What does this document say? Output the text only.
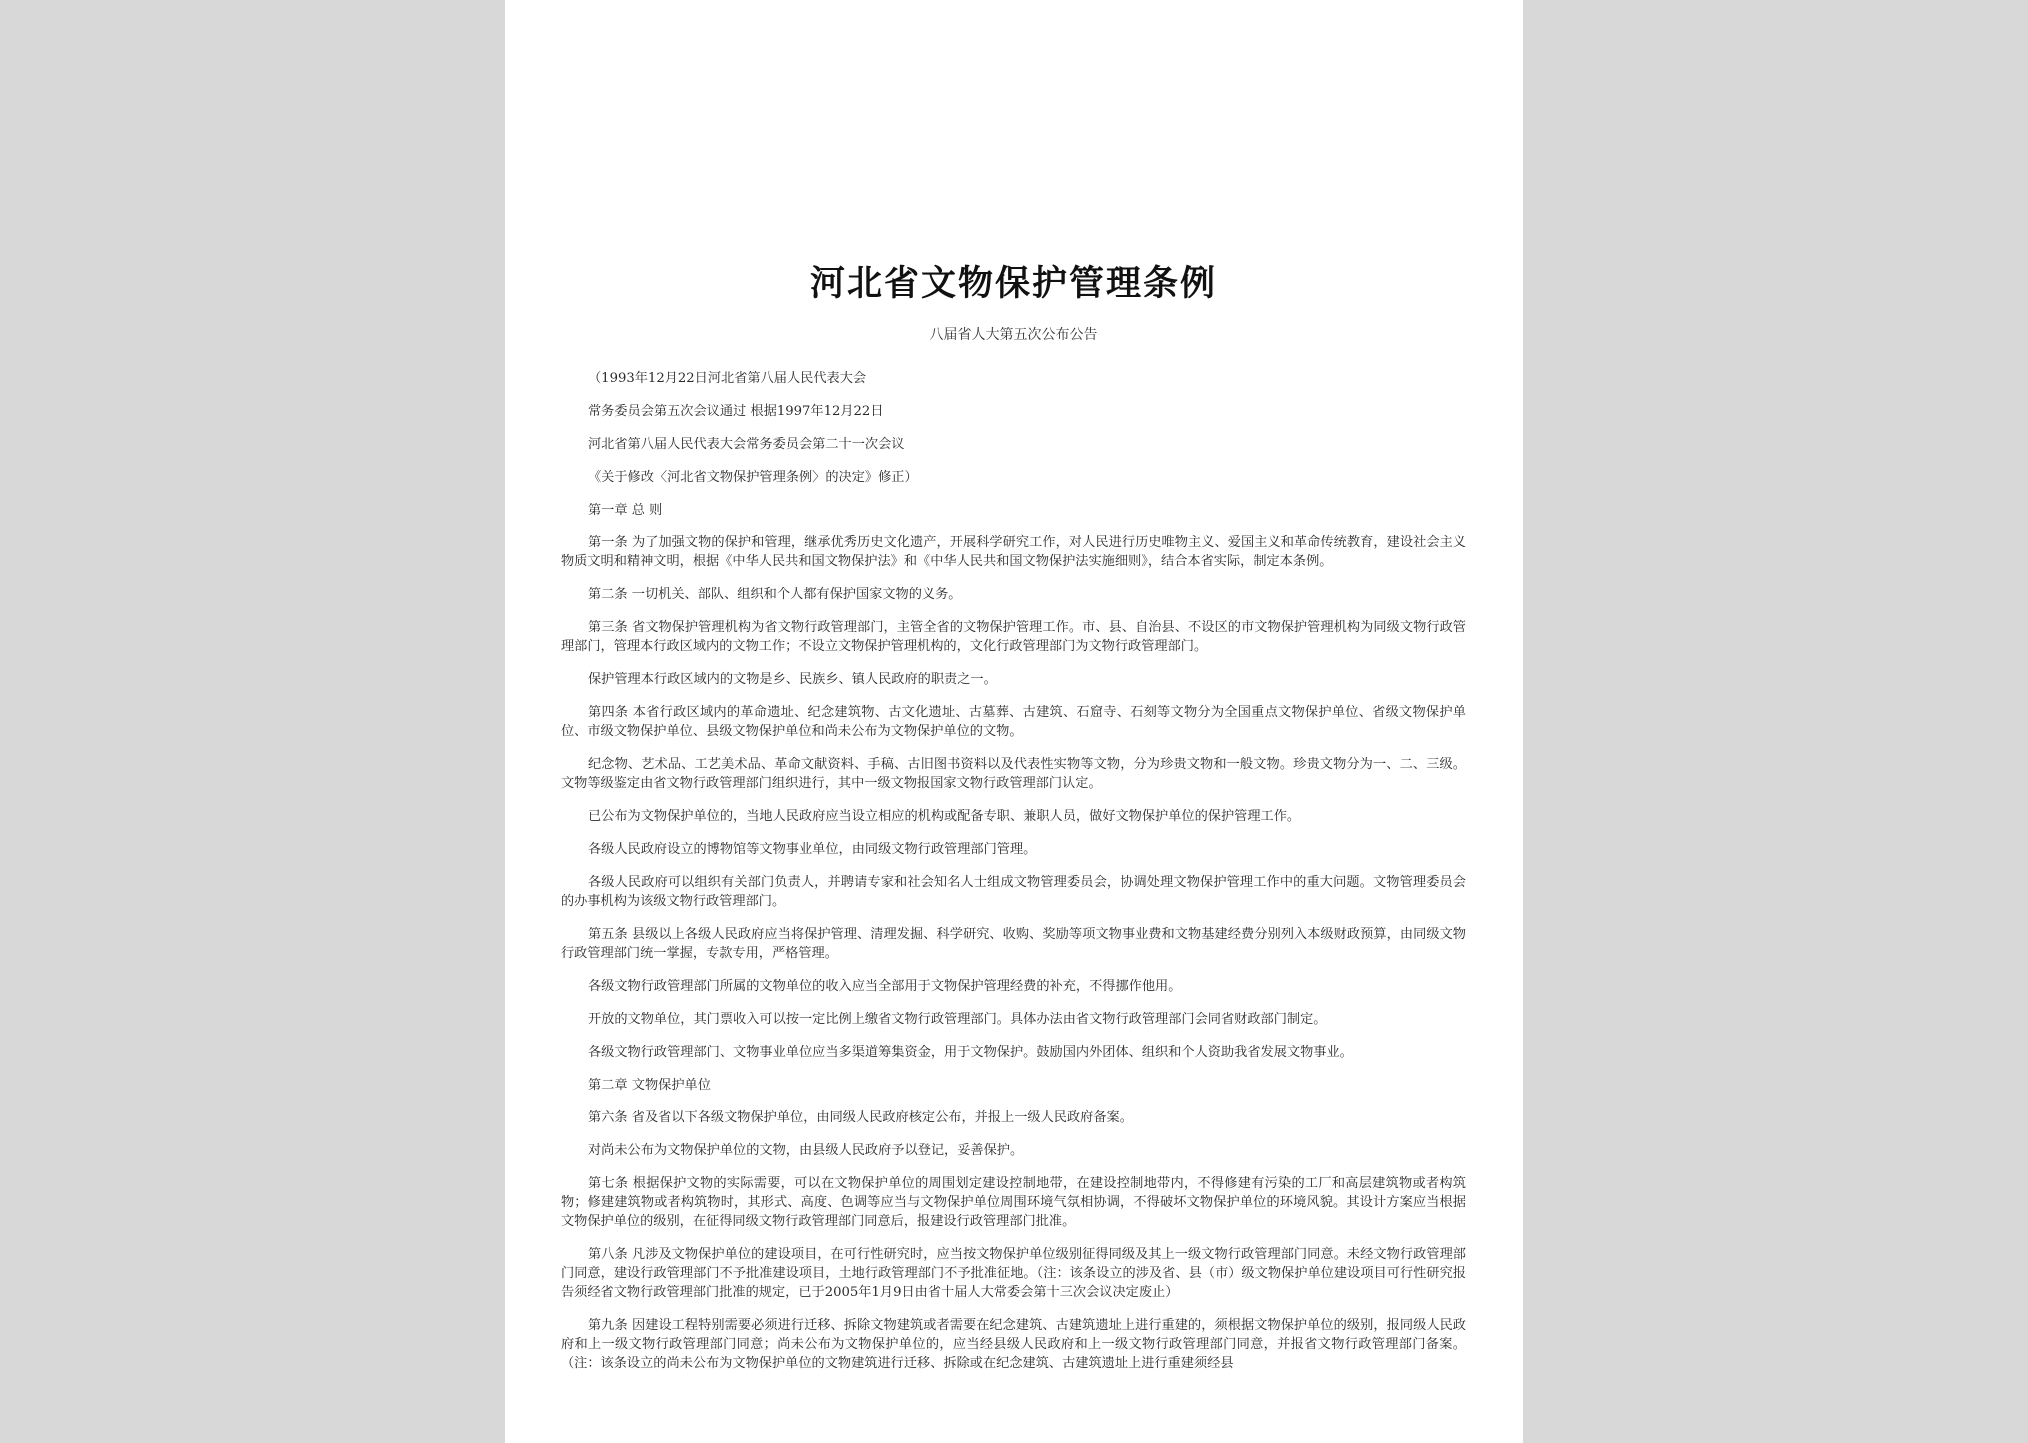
河北省文物保护管理条例
八届省人大第五次公布公告

（1993年12月22日河北省第八届人民代表大会

常务委员会第五次会议通过 根据1997年12月22日

河北省第八届人民代表大会常务委员会第二十一次会议

《关于修改〈河北省文物保护管理条例〉的决定》修正）

第一章 总 则

第一条 为了加强文物的保护和管理，继承优秀历史文化遗产，开展科学研究工作，对人民进行历史唯物主义、爱国主义和革命传统教育，建设社会主义物质文明和精神文明，根据《中华人民共和国文物保护法》和《中华人民共和国文物保护法实施细则》，结合本省实际，制定本条例。

第二条 一切机关、部队、组织和个人都有保护国家文物的义务。

第三条 省文物保护管理机构为省文物行政管理部门，主管全省的文物保护管理工作。市、县、自治县、不设区的市文物保护管理机构为同级文物行政管理部门，管理本行政区域内的文物工作；不设立文物保护管理机构的，文化行政管理部门为文物行政管理部门。

保护管理本行政区域内的文物是乡、民族乡、镇人民政府的职责之一。

第四条 本省行政区域内的革命遗址、纪念建筑物、古文化遗址、古墓葬、古建筑、石窟寺、石刻等文物分为全国重点文物保护单位、省级文物保护单位、市级文物保护单位、县级文物保护单位和尚未公布为文物保护单位的文物。

纪念物、艺术品、工艺美术品、革命文献资料、手稿、古旧图书资料以及代表性实物等文物，分为珍贵文物和一般文物。珍贵文物分为一、二、三级。文物等级鉴定由省文物行政管理部门组织进行，其中一级文物报国家文物行政管理部门认定。

已公布为文物保护单位的，当地人民政府应当设立相应的机构或配备专职、兼职人员，做好文物保护单位的保护管理工作。

各级人民政府设立的博物馆等文物事业单位，由同级文物行政管理部门管理。

各级人民政府可以组织有关部门负责人，并聘请专家和社会知名人士组成文物管理委员会，协调处理文物保护管理工作中的重大问题。文物管理委员会的办事机构为该级文物行政管理部门。

第五条 县级以上各级人民政府应当将保护管理、清理发掘、科学研究、收购、奖励等项文物事业费和文物基建经费分别列入本级财政预算，由同级文物行政管理部门统一掌握，专款专用，严格管理。

各级文物行政管理部门所属的文物单位的收入应当全部用于文物保护管理经费的补充，不得挪作他用。

开放的文物单位，其门票收入可以按一定比例上缴省文物行政管理部门。具体办法由省文物行政管理部门会同省财政部门制定。

各级文物行政管理部门、文物事业单位应当多渠道筹集资金，用于文物保护。鼓励国内外团体、组织和个人资助我省发展文物事业。

第二章 文物保护单位

第六条 省及省以下各级文物保护单位，由同级人民政府核定公布，并报上一级人民政府备案。

对尚未公布为文物保护单位的文物，由县级人民政府予以登记，妥善保护。

第七条 根据保护文物的实际需要，可以在文物保护单位的周围划定建设控制地带，在建设控制地带内，不得修建有污染的工厂和高层建筑物或者构筑物；修建建筑物或者构筑物时，其形式、高度、色调等应当与文物保护单位周围环境气氛相协调，不得破坏文物保护单位的环境风貌。其设计方案应当根据文物保护单位的级别，在征得同级文物行政管理部门同意后，报建设行政管理部门批准。

第八条 凡涉及文物保护单位的建设项目，在可行性研究时，应当按文物保护单位级别征得同级及其上一级文物行政管理部门同意。未经文物行政管理部门同意，建设行政管理部门不予批准建设项目，土地行政管理部门不予批准征地。（注：该条设立的涉及省、县（市）级文物保护单位建设项目可行性研究报告须经省文物行政管理部门批准的规定，已于2005年1月9日由省十届人大常委会第十三次会议决定废止）

第九条 因建设工程特别需要必须进行迁移、拆除文物建筑或者需要在纪念建筑、古建筑遗址上进行重建的，须根据文物保护单位的级别，报同级人民政府和上一级文物行政管理部门同意；尚未公布为文物保护单位的，应当经县级人民政府和上一级文物行政管理部门同意，并报省文物行政管理部门备案。（注：该条设立的尚未公布为文物保护单位的文物建筑进行迁移、拆除或在纪念建筑、古建筑遗址上进行重建须经县
